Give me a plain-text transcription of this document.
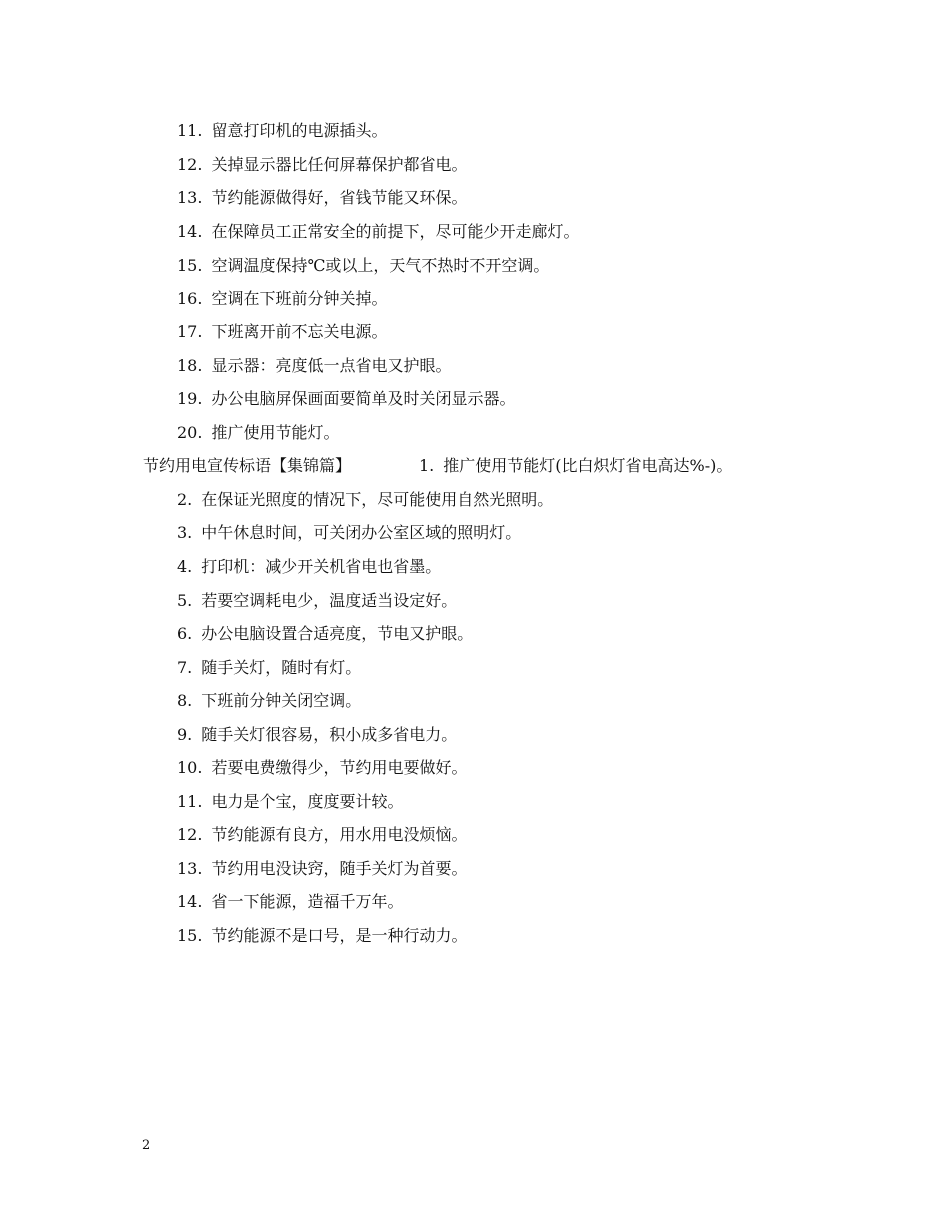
11. 留意打印机的电源插头。
12. 关掉显示器比任何屏幕保护都省电。
13. 节约能源做得好，省钱节能又环保。
14. 在保障员工正常安全的前提下，尽可能少开走廊灯。
15. 空调温度保持℃或以上，天气不热时不开空调。
16. 空调在下班前分钟关掉。
17. 下班离开前不忘关电源。
18. 显示器：亮度低一点省电又护眼。
19. 办公电脑屏保画面要简单及时关闭显示器。
20. 推广使用节能灯。
节约用电宣传标语【集锦篇】	1. 推广使用节能灯(比白炽灯省电高达%-)。
2. 在保证光照度的情况下，尽可能使用自然光照明。
3. 中午休息时间，可关闭办公室区域的照明灯。
4. 打印机：减少开关机省电也省墨。
5. 若要空调耗电少，温度适当设定好。
6. 办公电脑设置合适亮度，节电又护眼。
7. 随手关灯，随时有灯。
8. 下班前分钟关闭空调。
9. 随手关灯很容易，积小成多省电力。
10. 若要电费缴得少，节约用电要做好。
11. 电力是个宝，度度要计较。
12. 节约能源有良方，用水用电没烦恼。
13. 节约用电没诀窍，随手关灯为首要。
14. 省一下能源，造福千万年。
15. 节约能源不是口号，是一种行动力。
2
